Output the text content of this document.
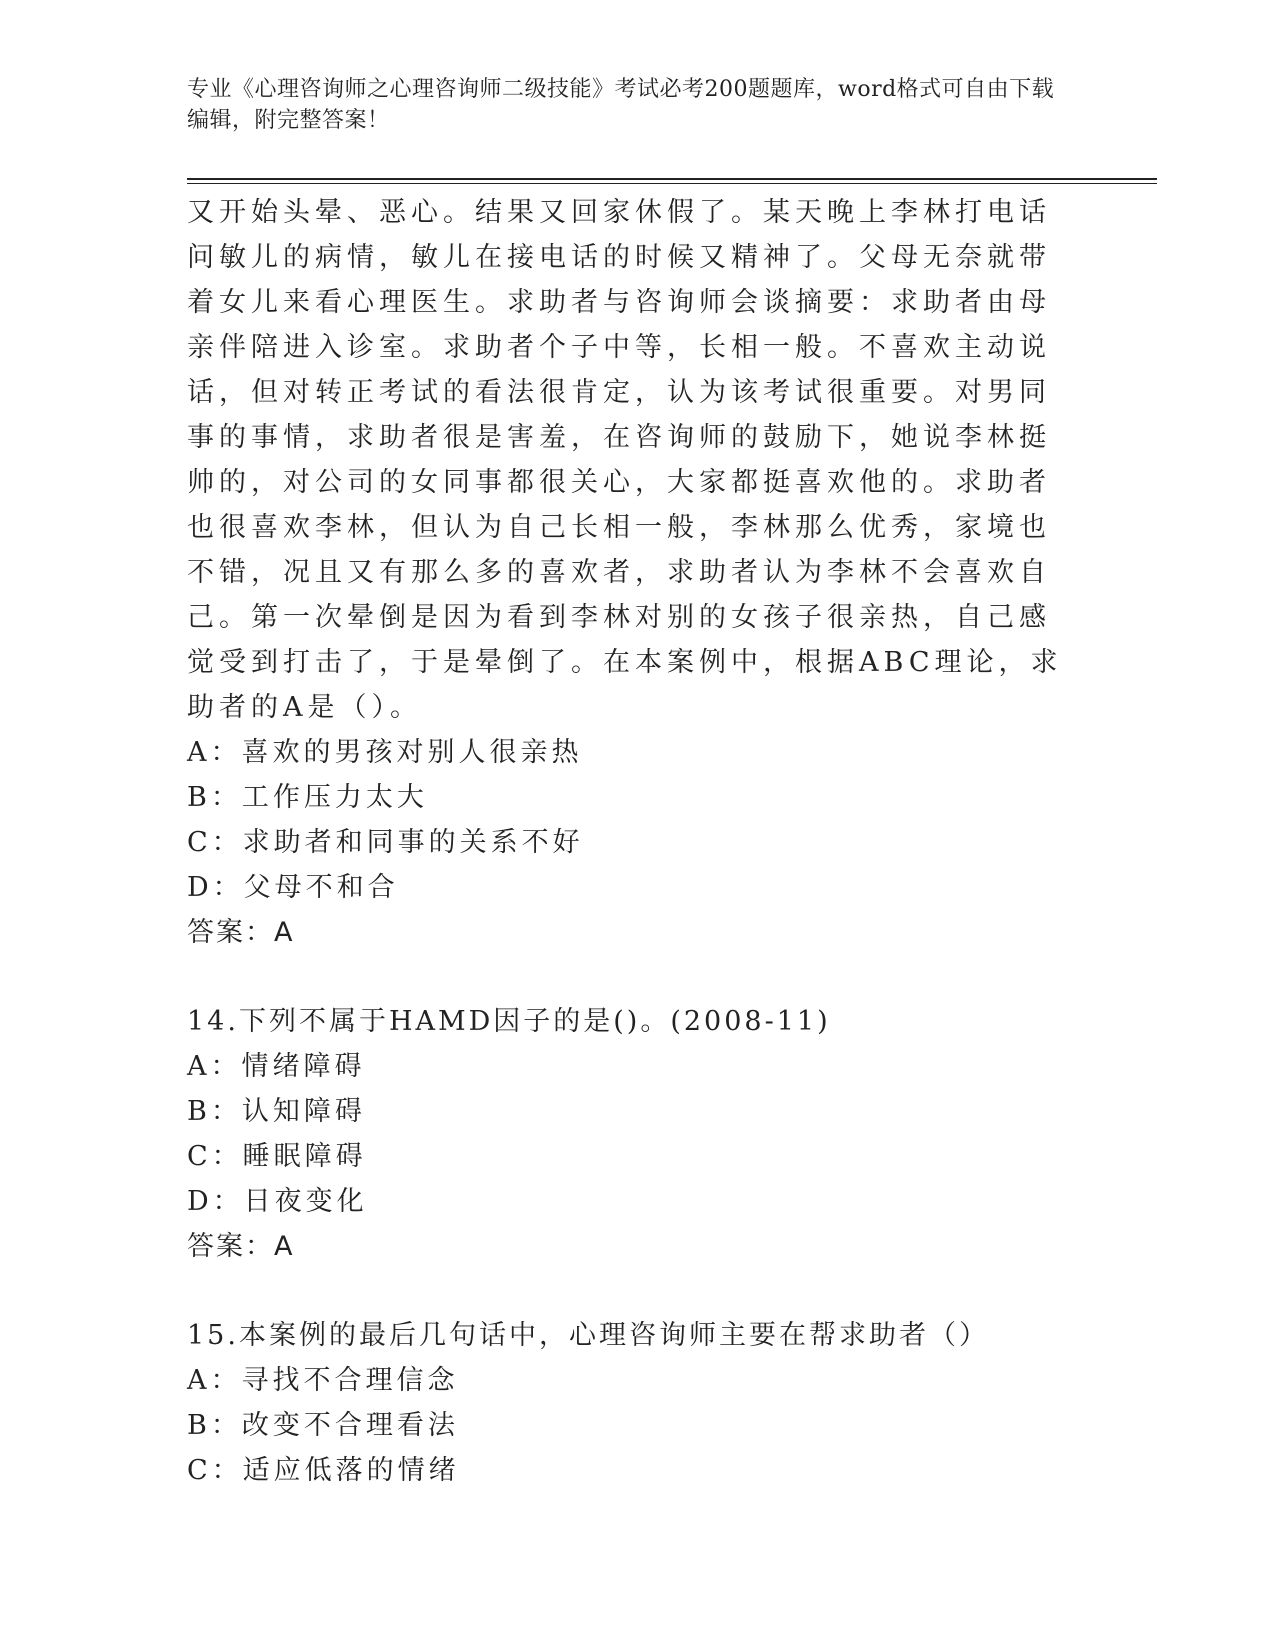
专业《心理咨询师之心理咨询师二级技能》考试必考200题题库，word格式可自由下载编辑，附完整答案！

又开始头晕、恶心。结果又回家休假了。某天晚上李林打电话问敏儿的病情，敏儿在接电话的时候又精神了。父母无奈就带着女儿来看心理医生。求助者与咨询师会谈摘要：求助者由母亲伴陪进入诊室。求助者个子中等，长相一般。不喜欢主动说话，但对转正考试的看法很肯定，认为该考试很重要。对男同事的事情，求助者很是害羞，在咨询师的鼓励下，她说李林挺帅的，对公司的女同事都很关心，大家都挺喜欢他的。求助者也很喜欢李林，但认为自己长相一般，李林那么优秀，家境也不错，况且又有那么多的喜欢者，求助者认为李林不会喜欢自己。第一次晕倒是因为看到李林对别的女孩子很亲热，自己感觉受到打击了，于是晕倒了。在本案例中，根据ABC理论，求助者的A是（）。

A：喜欢的男孩对别人很亲热

B：工作压力太大

C：求助者和同事的关系不好

D：父母不和合

答案：A

14.下列不属于HAMD因子的是()。(2008-11)

A：情绪障碍

B：认知障碍

C：睡眠障碍

D：日夜变化

答案：A

15.本案例的最后几句话中，心理咨询师主要在帮求助者（）

A：寻找不合理信念

B：改变不合理看法

C：适应低落的情绪
